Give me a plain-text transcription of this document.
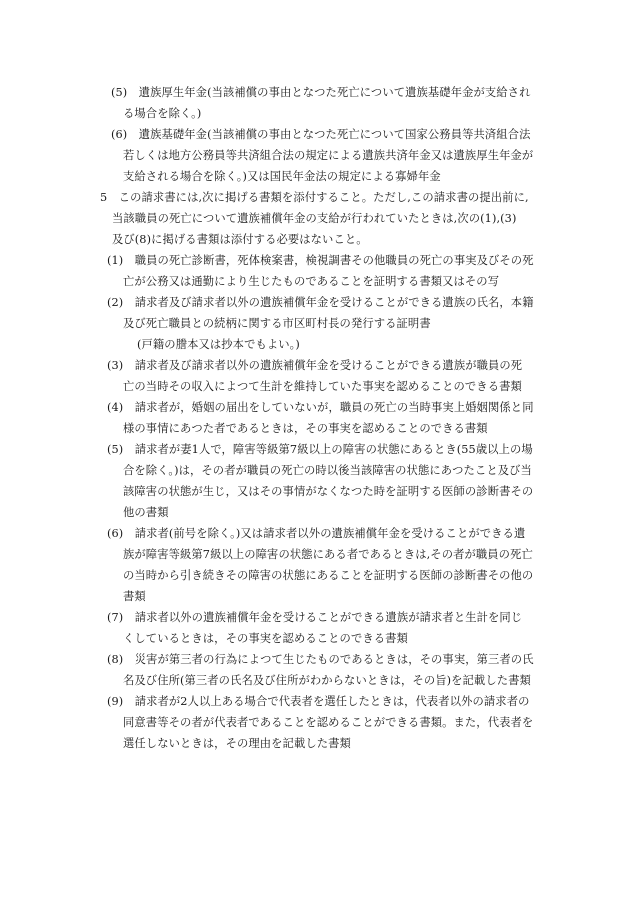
(5)　遺族厚生年金(当該補償の事由となつた死亡について遺族基礎年金が支給され
る場合を除く。)
(6)　遺族基礎年金(当該補償の事由となつた死亡について国家公務員等共済組合法
若しくは地方公務員等共済組合法の規定による遺族共済年金又は遺族厚生年金が
支給される場合を除く。)又は国民年金法の規定による寡婦年金
5　この請求書には,次に掲げる書類を添付すること。ただし,この請求書の提出前に,
当該職員の死亡について遺族補償年金の支給が行われていたときは,次の(1),(3)
及び(8)に掲げる書類は添付する必要はないこと。
(1)　職員の死亡診断書，死体検案書，検視調書その他職員の死亡の事実及びその死
亡が公務又は通勤により生じたものであることを証明する書類又はその写
(2)　請求者及び請求者以外の遺族補償年金を受けることができる遺族の氏名，本籍
及び死亡職員との続柄に関する市区町村長の発行する証明書
(戸籍の謄本又は抄本でもよい。)
(3)　請求者及び請求者以外の遺族補償年金を受けることができる遺族が職員の死
亡の当時その収入によつて生計を維持していた事実を認めることのできる書類
(4)　請求者が，婚姻の届出をしていないが，職員の死亡の当時事実上婚姻関係と同
様の事情にあつた者であるときは，その事実を認めることのできる書類
(5)　請求者が妻1人で，障害等級第7級以上の障害の状態にあるとき(55歳以上の場
合を除く。)は，その者が職員の死亡の時以後当該障害の状態にあつたこと及び当
該障害の状態が生じ，又はその事情がなくなつた時を証明する医師の診断書その
他の書類
(6)　請求者(前号を除く。)又は請求者以外の遺族補償年金を受けることができる遺
族が障害等級第7級以上の障害の状態にある者であるときは,その者が職員の死亡
の当時から引き続きその障害の状態にあることを証明する医師の診断書その他の
書類
(7)　請求者以外の遺族補償年金を受けることができる遺族が請求者と生計を同じ
くしているときは，その事実を認めることのできる書類
(8)　災害が第三者の行為によつて生じたものであるときは，その事実，第三者の氏
名及び住所(第三者の氏名及び住所がわからないときは，その旨)を記載した書類
(9)　請求者が2人以上ある場合で代表者を選任したときは，代表者以外の請求者の
同意書等その者が代表者であることを認めることができる書類。また，代表者を
選任しないときは，その理由を記載した書類
